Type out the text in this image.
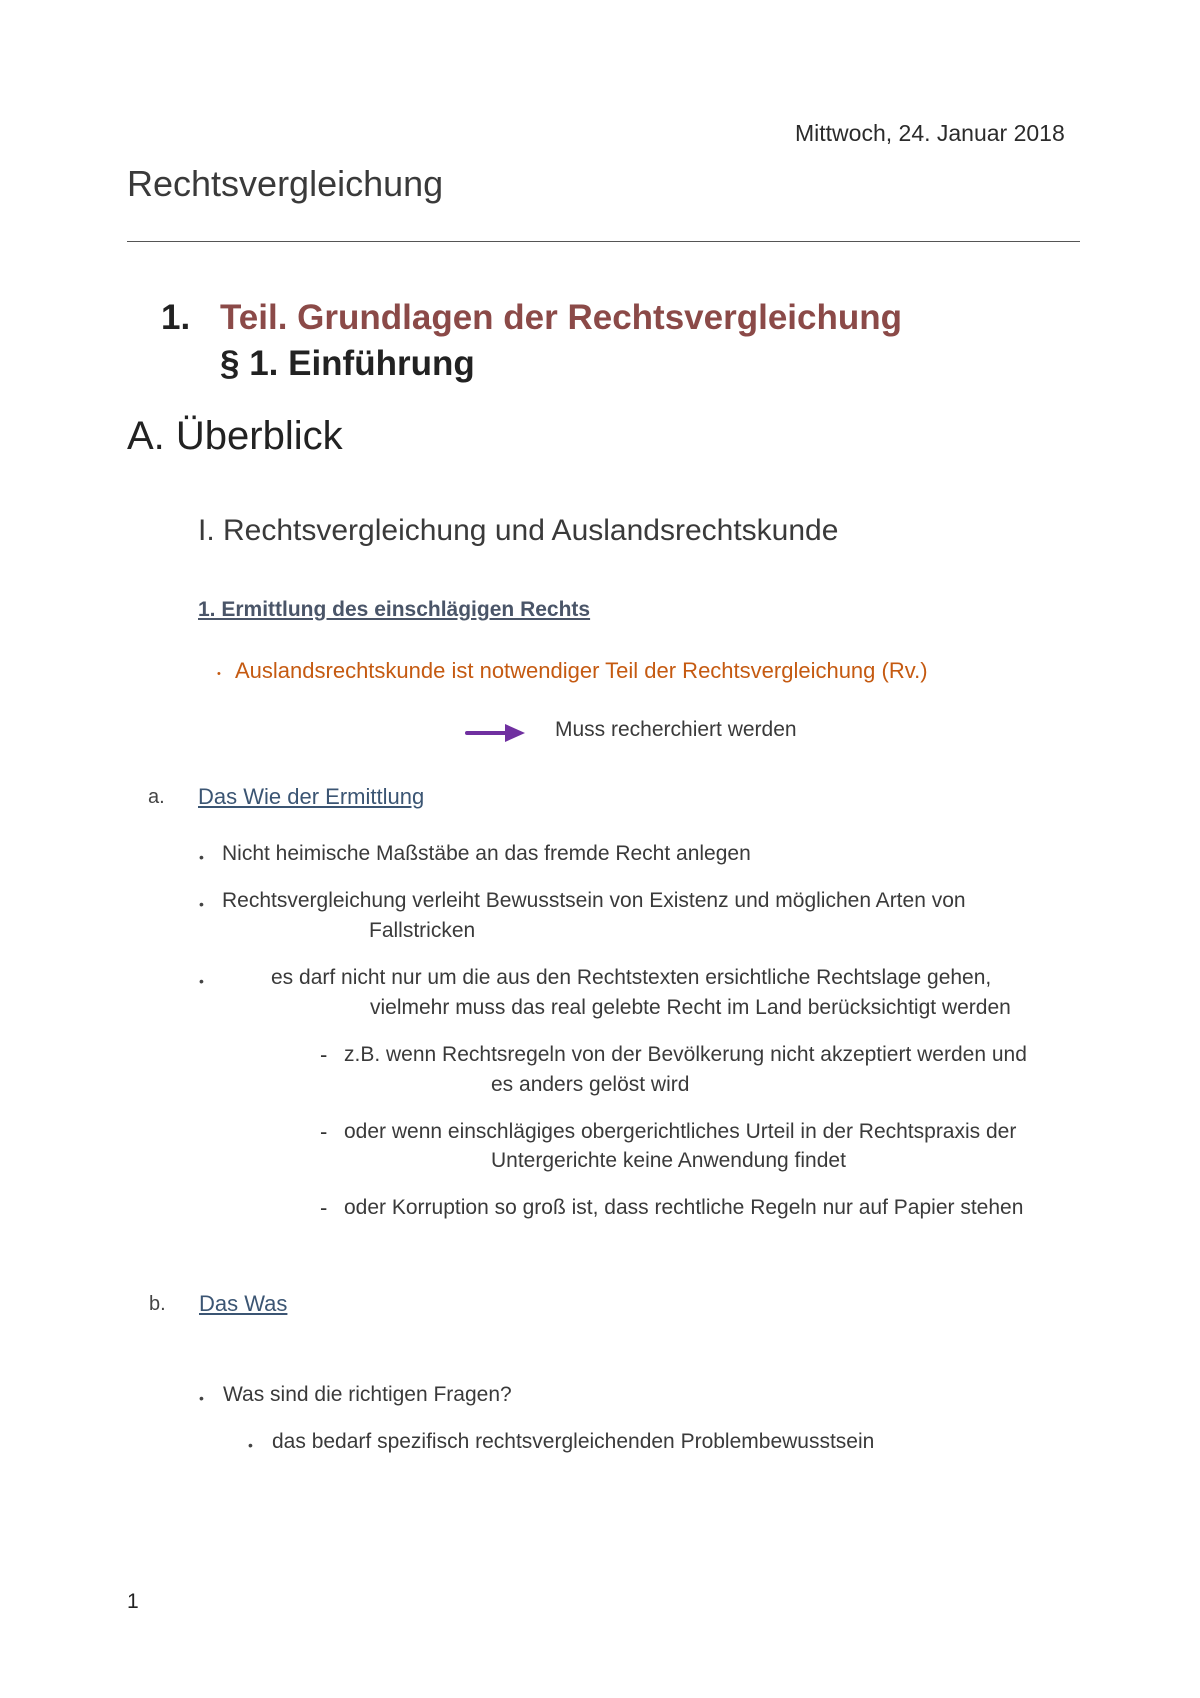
Mittwoch, 24. Januar 2018
Rechtsvergleichung
1. Teil. Grundlagen der Rechtsvergleichung
§ 1. Einführung
A. Überblick
I. Rechtsvergleichung und Auslandsrechtskunde
1. Ermittlung des einschlägigen Rechts
• Auslandsrechtskunde ist notwendiger Teil der Rechtsvergleichung (Rv.)
Muss recherchiert werden
a. Das Wie der Ermittlung
• Nicht heimische Maßstäbe an das fremde Recht anlegen
• Rechtsvergleichung verleiht Bewusstsein von Existenz und möglichen Arten von
Fallstricken
•	es darf nicht nur um die aus den Rechtstexten ersichtliche Rechtslage gehen,
vielmehr muss das real gelebte Recht im Land berücksichtigt werden
- z.B. wenn Rechtsregeln von der Bevölkerung nicht akzeptiert werden und
es anders gelöst wird
- oder wenn einschlägiges obergerichtliches Urteil in der Rechtspraxis der
Untergerichte keine Anwendung findet
- oder Korruption so groß ist, dass rechtliche Regeln nur auf Papier stehen
b. Das Was
• Was sind die richtigen Fragen?
• das bedarf spezifisch rechtsvergleichenden Problembewusstsein
1
